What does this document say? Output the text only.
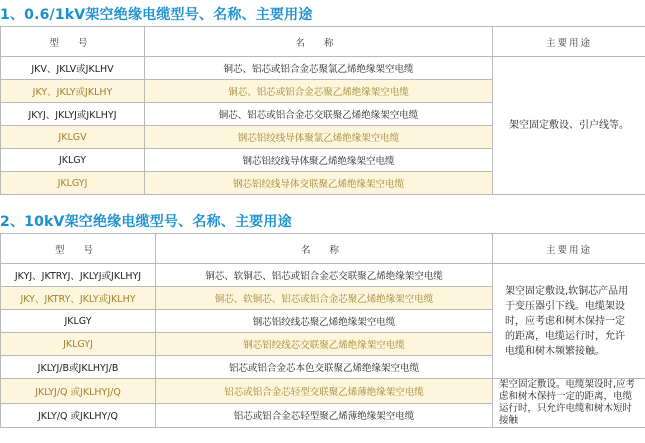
1、0.6/1kV架空绝缘电缆型号、名称、主要用途
型 号	名 称	主要用途
JKV、JKLV或JKLHV	铜芯、铝芯或铝合金芯聚氯乙烯绝缘架空电缆	架空固定敷设、引户线等。
JKY、JKLY或JKLHY	铜芯、铝芯或铝合金芯聚乙烯绝缘架空电缆	
JKYJ、JKLYJ或JKLHYJ	铜芯、铝芯或铝合金芯交联聚乙烯绝缘架空电缆	
JKLGV	钢芯铝绞线导体聚氯乙烯绝缘架空电缆	
JKLGY	钢芯铝绞线导体聚乙烯绝缘架空电缆	
JKLGYJ	钢芯铝绞线导体交联聚乙烯绝缘架空电缆	
2、10kV架空绝缘电缆型号、名称、主要用途
型 号	名 称	主要用途
JKYJ、JKTRYJ、JKLYJ或JKLHYJ	铜芯、软铜芯、铝芯或铝合金芯交联聚乙烯绝缘架空电缆	架空固定敷设,软铜芯产品用于变压器引下线。电缆架设时，应考虑和树木保持一定的距离，电缆运行时，允许电缆和树木频繁接触。
JKY、JKTRY、JKLY或JKLHY	铜芯、软铜芯、铝芯或铝合金芯聚乙烯绝缘架空电缆	
JKLGY	钢芯铝绞线芯聚乙烯绝缘架空电缆	
JKLGYJ	钢芯铝绞线芯交联聚乙烯绝缘架空电缆	
JKLYJ/B或JKLHYJ/B	铝芯或铝合金芯本色交联聚乙烯绝缘架空电缆	
JKLYJ/Q 或JKLHYJ/Q	铝芯或铝合金芯轻型交联聚乙烯薄绝缘架空电缆	架空固定敷设。电缆架设时,应考虑和树木保持一定的距离，电缆运行时，只允许电缆和树木短时接触
JKLY/Q 或JKLHY/Q	铝芯或铝合金芯轻型聚乙烯薄绝缘架空电缆	
